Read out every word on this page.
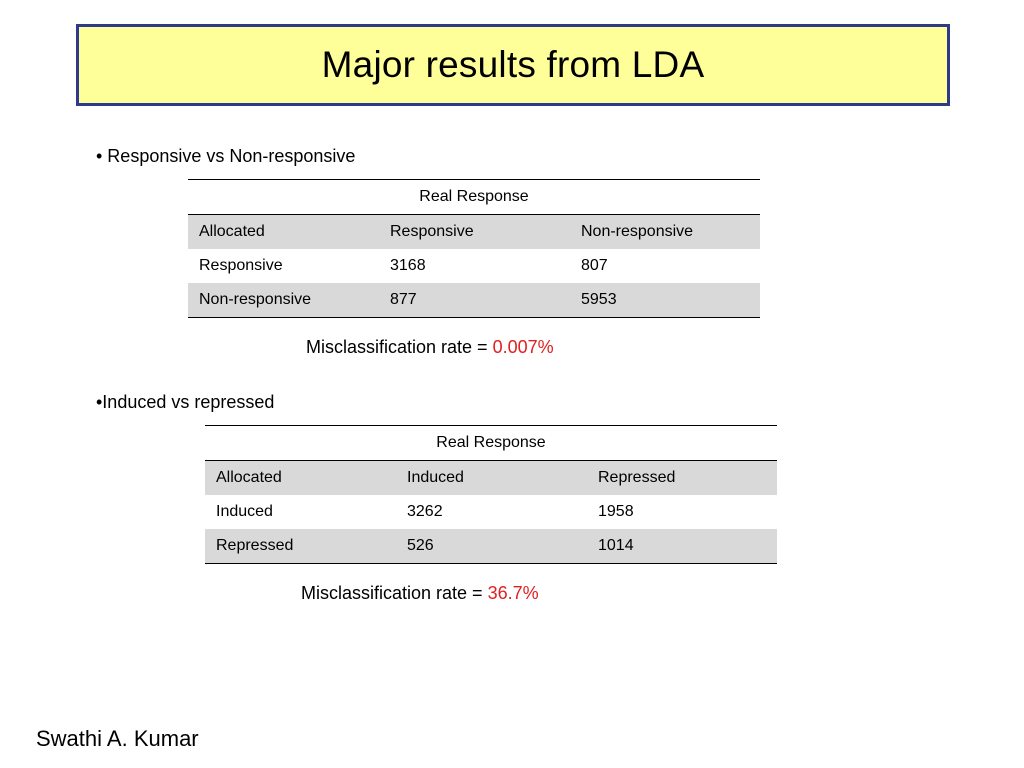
Major results from LDA
• Responsive vs Non-responsive
Real Response		
Allocated	Responsive	Non-responsive
Responsive	3168	807
Non-responsive	877	5953
Misclassification rate = 0.007%
•Induced vs repressed
Real Response		
Allocated	Induced	Repressed
Induced	3262	1958
Repressed	526	1014
Misclassification rate = 36.7%
Swathi A. Kumar
